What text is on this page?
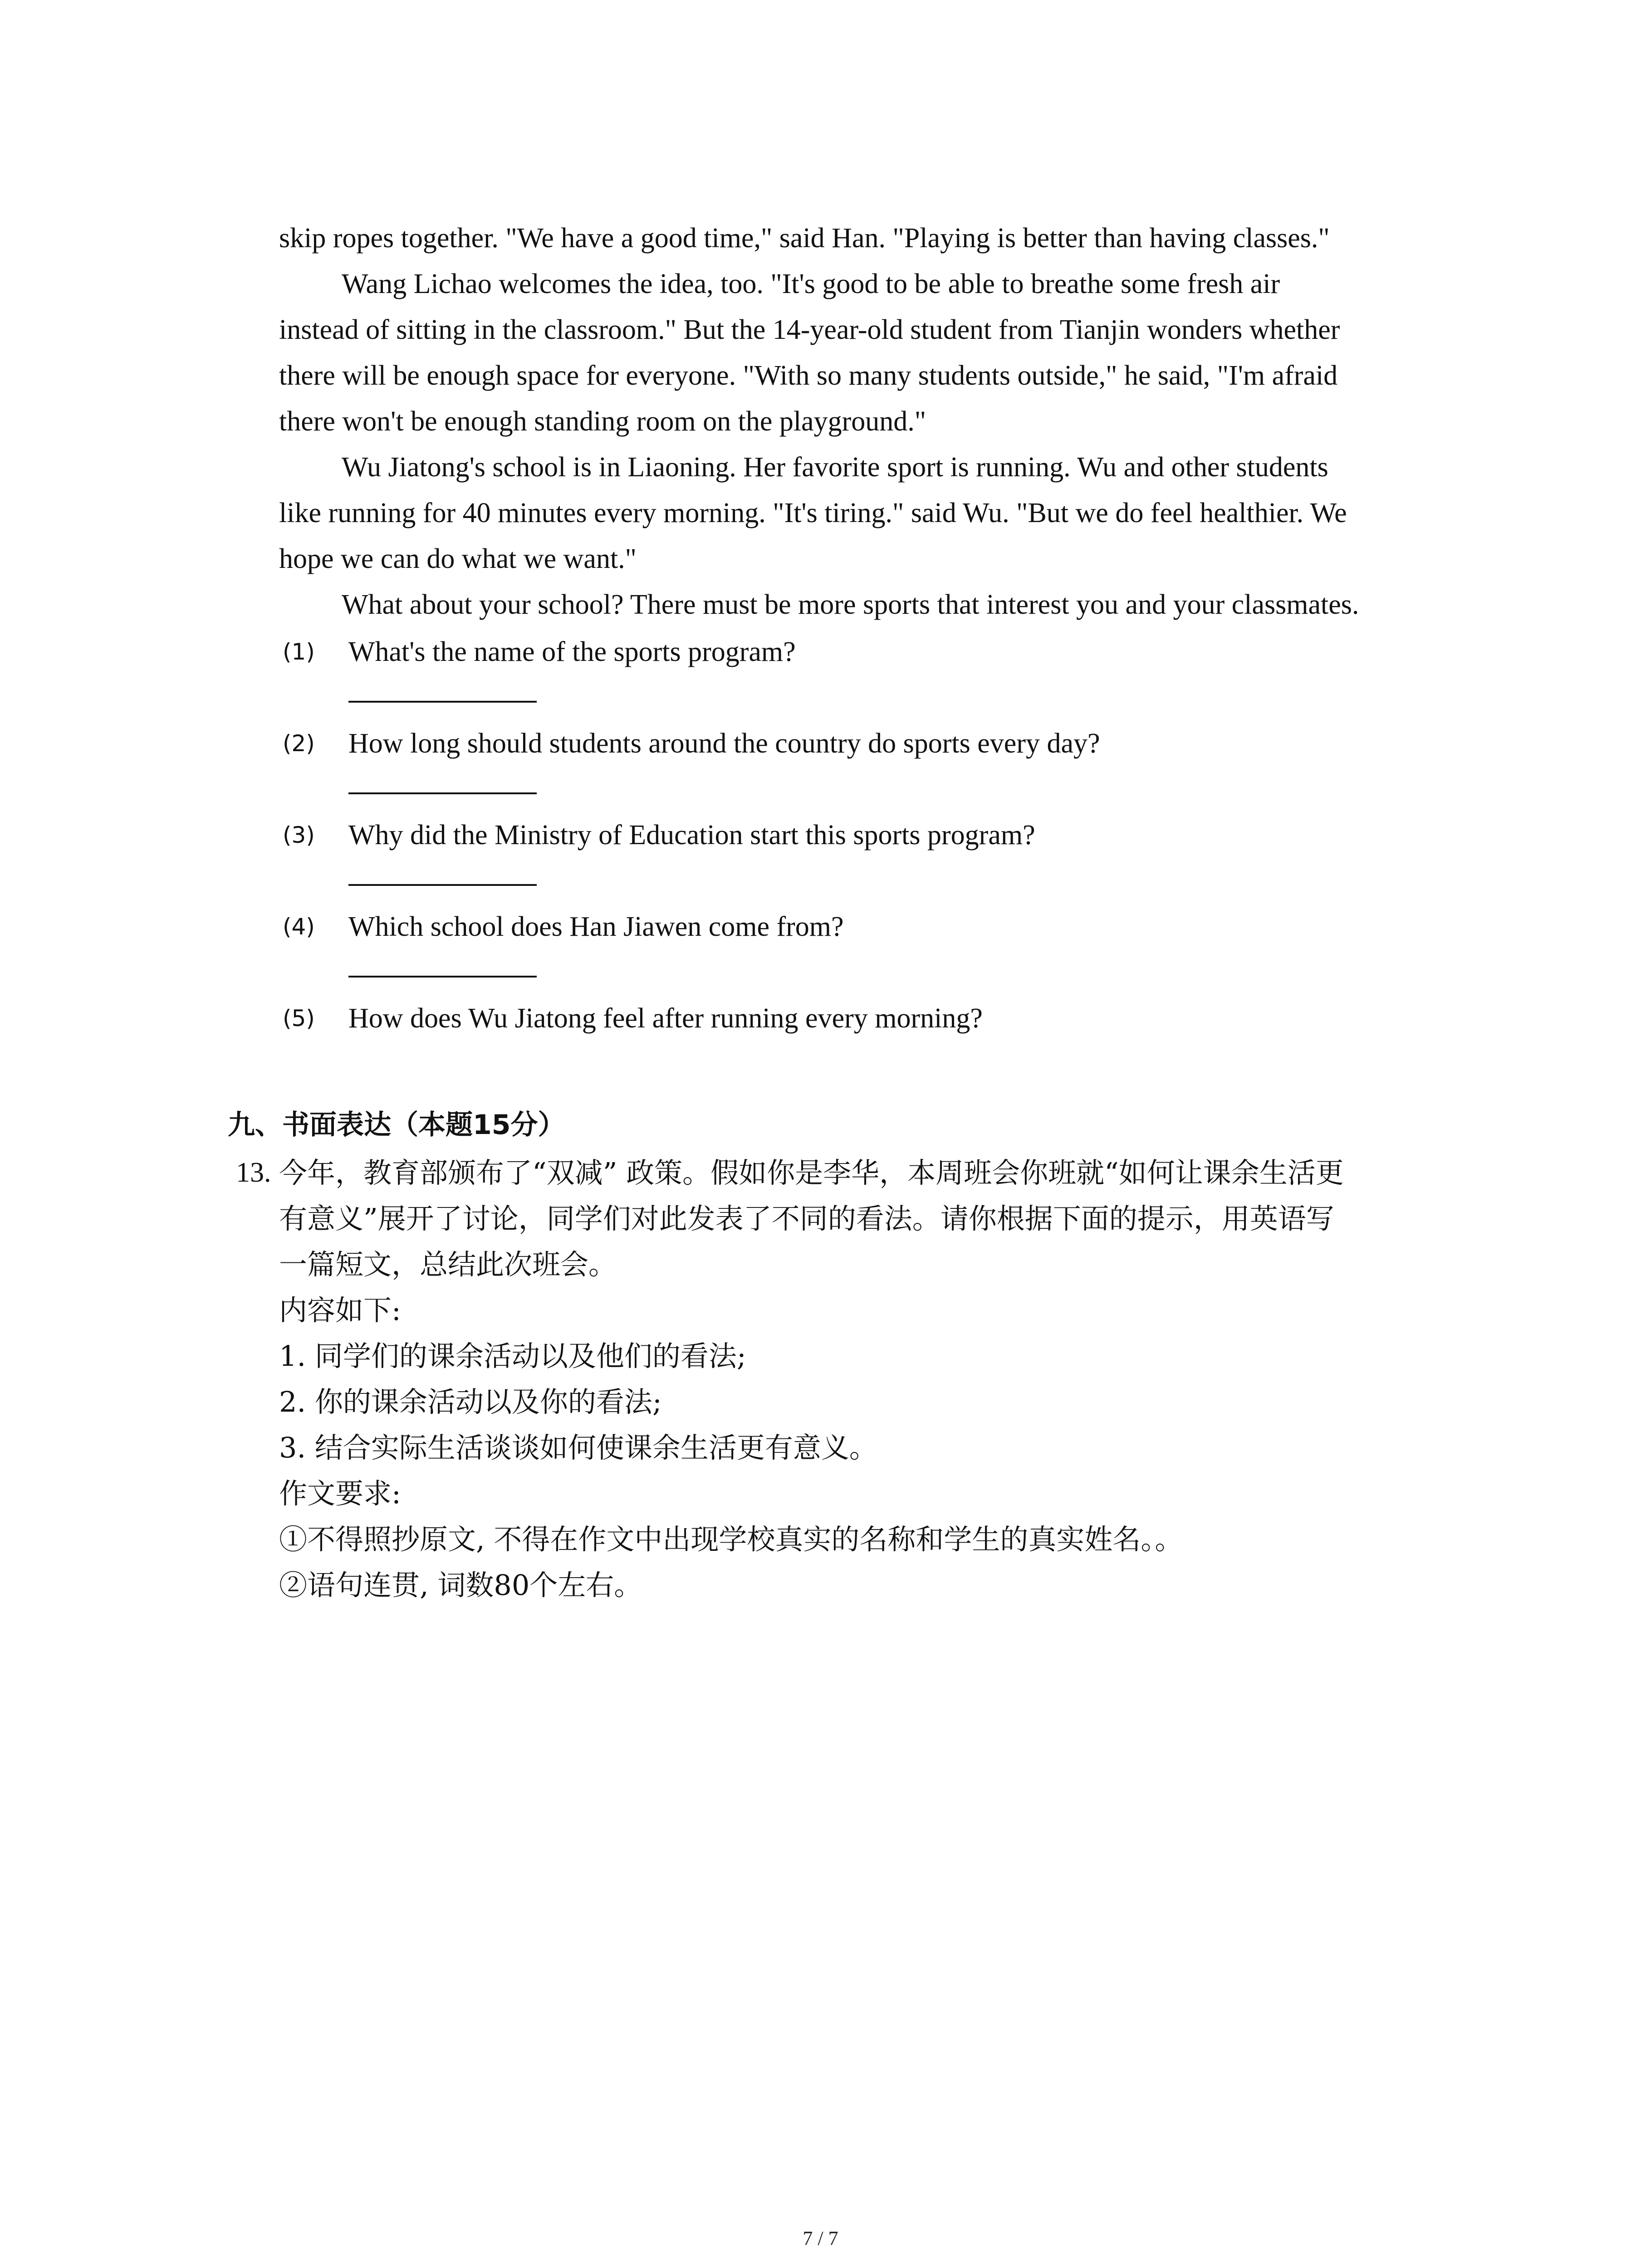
skip ropes together. "We have a good time," said Han. "Playing is better than having classes."

Wang Lichao welcomes the idea, too. "It's good to be able to breathe some fresh air

instead of sitting in the classroom." But the 14-year-old student from Tianjin wonders whether

there will be enough space for everyone. "With so many students outside," he said, "I'm afraid

there won't be enough standing room on the playground."

Wu Jiatong's school is in Liaoning. Her favorite sport is running. Wu and other students

like running for 40 minutes every morning. "It's tiring." said Wu. "But we do feel healthier. We

hope we can do what we want."

What about your school? There must be more sports that interest you and your classmates.

(1) What's the name of the sports program?
(2) How long should students around the country do sports every day?
(3) Why did the Ministry of Education start this sports program?
(4) Which school does Han Jiawen come from?
(5) How does Wu Jiatong feel after running every morning?
九、书面表达（本题15分）
13. 今年，教育部颁布了“双减” 政策。假如你是李华，本周班会你班就“如何让课余生活更
有意义”展开了讨论，同学们对此发表了不同的看法。请你根据下面的提示，用英语写
一篇短文，总结此次班会。
内容如下:
1. 同学们的课余活动以及他们的看法;
2. 你的课余活动以及你的看法;
3. 结合实际生活谈谈如何使课余生活更有意义。
作文要求:
①不得照抄原文, 不得在作文中出现学校真实的名称和学生的真实姓名。。
②语句连贯, 词数80个左右。
7 / 7
